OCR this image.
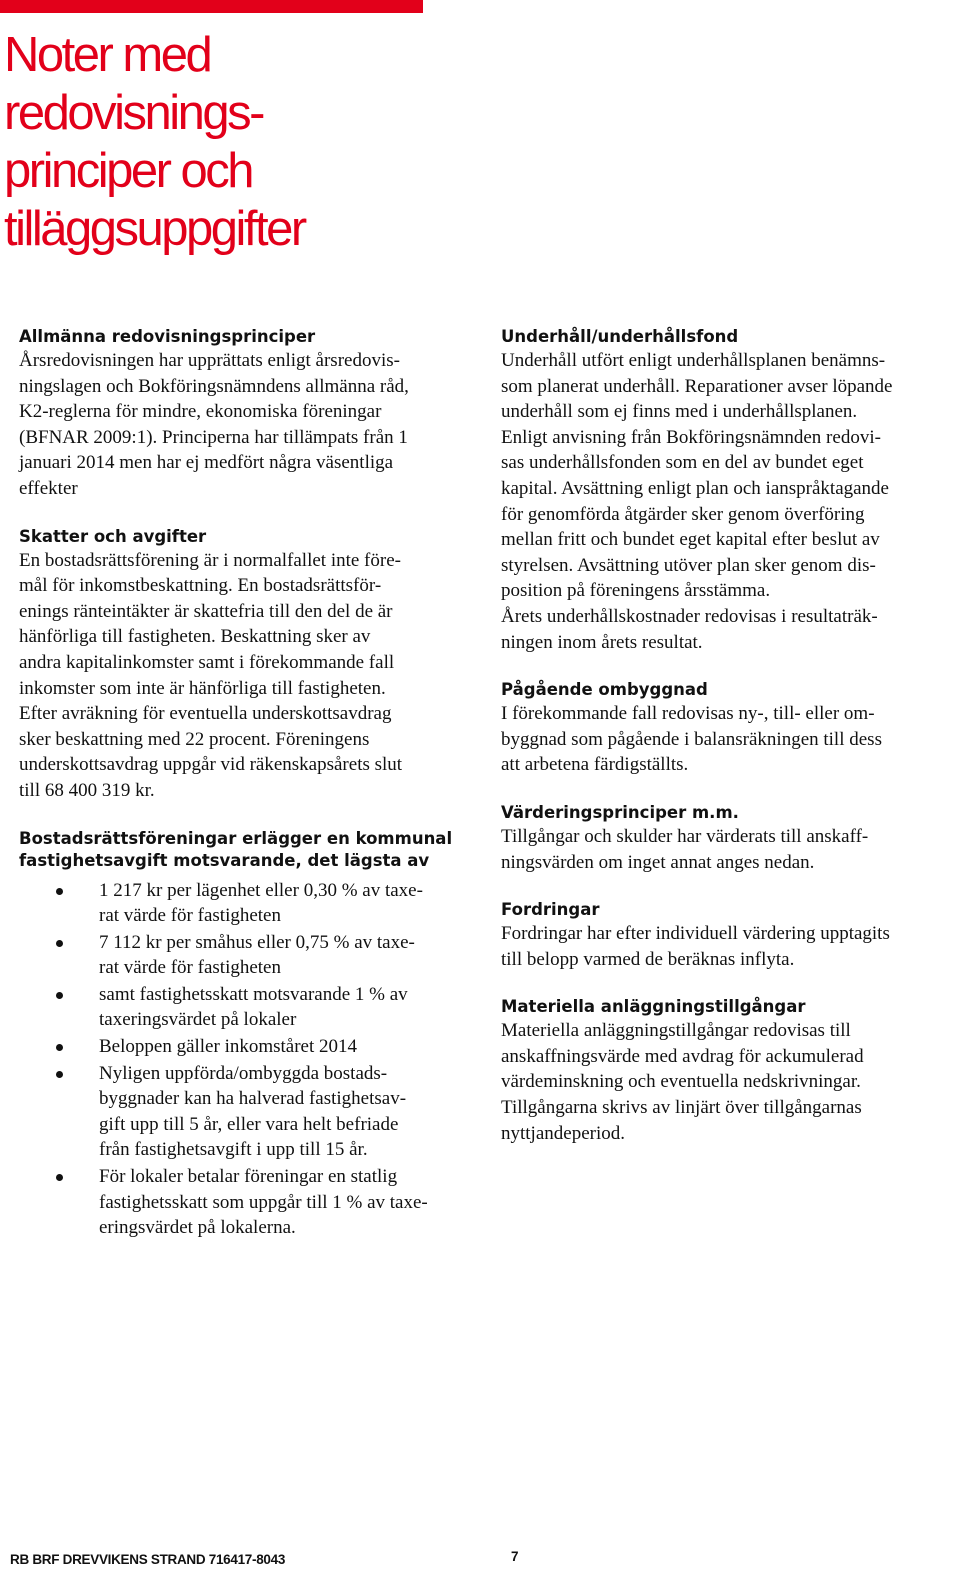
Noter med
redovisnings-
principer och
tilläggsuppgifter
Allmänna redovisningsprinciper

Årsredovisningen har upprättats enligt årsredovis-
ningslagen och Bokföringsnämndens allmänna råd,
K2-reglerna för mindre, ekonomiska föreningar
(BFNAR 2009:1). Principerna har tillämpats från 1
januari 2014 men har ej medfört några väsentliga
effekter

Skatter och avgifter

En bostadsrättsförening är i normalfallet inte före-
mål för inkomstbeskattning. En bostadsrättsför-
enings ränteintäkter är skattefria till den del de är
hänförliga till fastigheten. Beskattning sker av
andra kapitalinkomster samt i förekommande fall
inkomster som inte är hänförliga till fastigheten.
Efter avräkning för eventuella underskottsavdrag
sker beskattning med 22 procent. Föreningens
underskottsavdrag uppgår vid räkenskapsårets slut
till 68 400 319 kr.

Bostadsrättsföreningar erlägger en kommunal
fastighetsavgift motsvarande, det lägsta av
1 217 kr per lägenhet eller 0,30 % av taxe-
rat värde för fastigheten
7 112 kr per småhus eller 0,75 % av taxe-
rat värde för fastigheten
samt fastighetsskatt motsvarande 1 % av
taxeringsvärdet på lokaler
Beloppen gäller inkomståret 2014
Nyligen uppförda/ombyggda bostads-
byggnader kan ha halverad fastighetsav-
gift upp till 5 år, eller vara helt befriade
från fastighetsavgift i upp till 15 år.
För lokaler betalar föreningar en statlig
fastighetsskatt som uppgår till 1 % av taxe-
eringsvärdet på lokalerna.
Underhåll/underhållsfond

Underhåll utfört enligt underhållsplanen benämns-
som planerat underhåll. Reparationer avser löpande
underhåll som ej finns med i underhållsplanen.
Enligt anvisning från Bokföringsnämnden redovi-
sas underhållsfonden som en del av bundet eget
kapital. Avsättning enligt plan och ianspråktagande
för genomförda åtgärder sker genom överföring
mellan fritt och bundet eget kapital efter beslut av
styrelsen. Avsättning utöver plan sker genom dis-
position på föreningens årsstämma.
Årets underhållskostnader redovisas i resultaträk-
ningen inom årets resultat.

Pågående ombyggnad

I förekommande fall redovisas ny-, till- eller om-
byggnad som pågående i balansräkningen till dess
att arbetena färdigställts.

Värderingsprinciper m.m.

Tillgångar och skulder har värderats till anskaff-
ningsvärden om inget annat anges nedan.

Fordringar

Fordringar har efter individuell värdering upptagits
till belopp varmed de beräknas inflyta.

Materiella anläggningstillgångar

Materiella anläggningstillgångar redovisas till
anskaffningsvärde med avdrag för ackumulerad
värdeminskning och eventuella nedskrivningar.
Tillgångarna skrivs av linjärt över tillgångarnas
nyttjandeperiod.

RB BRF DREVVIKENS STRAND 716417-8043	7
